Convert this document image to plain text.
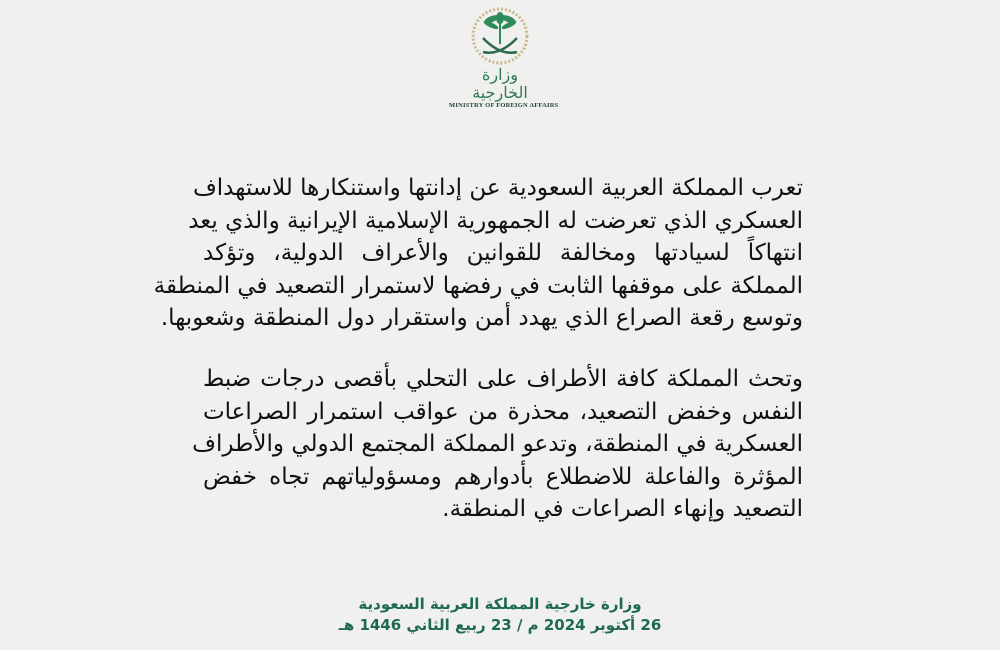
وزارة الخارجية
MINISTRY OF FOREIGN AFFAIRS
تعرب المملكة العربية السعودية عن إدانتها واستنكارها للاستهداف
العسكري الذي تعرضت له الجمهورية الإسلامية الإيرانية والذي يعد
انتهاكاً لسيادتها ومخالفة للقوانين والأعراف الدولية، وتؤكد
المملكة على موقفها الثابت في رفضها لاستمرار التصعيد في المنطقة
وتوسع رقعة الصراع الذي يهدد أمن واستقرار دول المنطقة وشعوبها.
وتحث المملكة كافة الأطراف على التحلي بأقصى درجات ضبط
النفس وخفض التصعيد، محذرة من عواقب استمرار الصراعات
العسكرية في المنطقة، وتدعو المملكة المجتمع الدولي والأطراف
المؤثرة والفاعلة للاضطلاع بأدوارهم ومسؤولياتهم تجاه خفض
التصعيد وإنهاء الصراعات في المنطقة.
وزارة خارجية المملكة العربية السعودية
26 أكتوبر 2024 م / 23 ربيع الثاني 1446 هـ
